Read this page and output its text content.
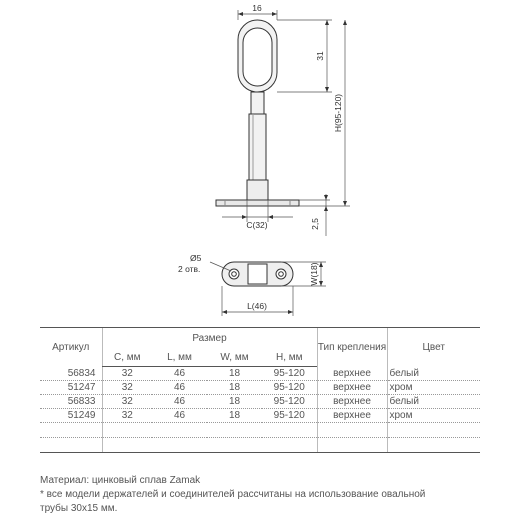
16
31
H(95-120)
C(32)	2,5
Ø5
2 отв.	W(18)
L(46)
Артикул	Размер				Тип крепления	Цвет
	C, мм	L, мм	W, мм	H, мм		
56834	32	46	18	95-120	верхнее	белый
51247	32	46	18	95-120	верхнее	хром
56833	32	46	18	95-120	верхнее	белый
51249	32	46	18	95-120	верхнее	хром

Материал: цинковый сплав Zamak
* все модели держателей и соединителей рассчитаны на использование овальной
трубы 30x15 мм.
